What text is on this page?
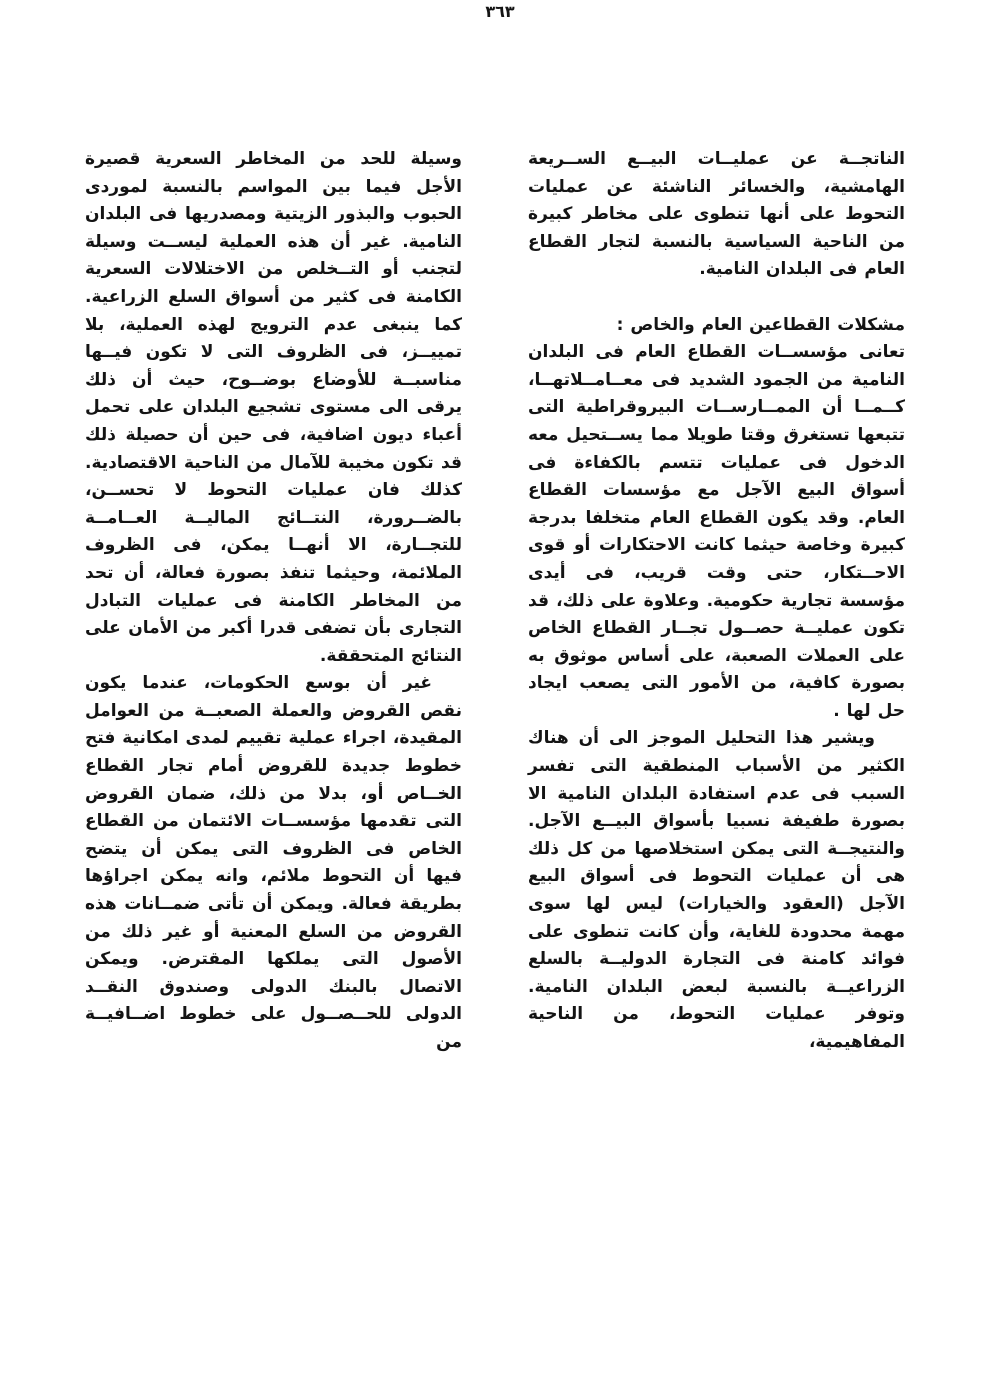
٣٦٣

الناتجــة عن عمليــات البيــع الســريعة الهامشية، والخسائر الناشئة عن عمليات التحوط على أنها تنطوى على مخاطر كبيرة من الناحية السياسية بالنسبة لتجار القطاع العام فى البلدان النامية.

مشكلات القطاعين العام والخاص :

تعانى مؤسســات القطاع العام فى البلدان النامية من الجمود الشديد فى معــامــلاتهــا، كــمــا أن الممــارســات البيروقراطية التى تتبعها تستغرق وقتا طويلا مما يســتحيل معه الدخول فى عمليات تتسم بالكفاءة فى أسواق البيع الآجل مع مؤسسات القطاع العام. وقد يكون القطاع العام متخلفا بدرجة كبيرة وخاصة حيثما كانت الاحتكارات أو قوى الاحــتكار، حتى وقت قريب، فى أيدى مؤسسة تجارية حكومية. وعلاوة على ذلك، قد تكون عمليــة حصــول تجــار القطاع الخاص على العملات الصعبة، على أساس موثوق به بصورة كافية، من الأمور التى يصعب ايجاد حل لها .

ويشير هذا التحليل الموجز الى أن هناك الكثير من الأسباب المنطقية التى تفسر السبب فى عدم استفادة البلدان النامية الا بصورة طفيفة نسبيا بأسواق البيــع الآجل. والنتيجــة التى يمكن استخلاصها من كل ذلك هى أن عمليات التحوط فى أسواق البيع الآجل (العقود والخيارات) ليس لها سوى مهمة محدودة للغاية، وأن كانت تنطوى على فوائد كامنة فى التجارة الدوليــة بالسلع الزراعيــة بالنسبة لبعض البلدان النامية. وتوفر عمليات التحوط، من الناحية المفاهيمية،

وسيلة للحد من المخاطر السعرية قصيرة الأجل فيما بين المواسم بالنسبة لموردى الحبوب والبذور الزيتية ومصدريها فى البلدان النامية. غير أن هذه العملية ليســت وسيلة لتجنب أو التــخلص من الاختلالات السعرية الكامنة فى كثير من أسواق السلع الزراعية. كما ينبغى عدم الترويج لهذه العملية، بلا تمييــز، فى الظروف التى لا تكون فيــها مناسبــة للأوضاع بوضــوح، حيث أن ذلك يرقى الى مستوى تشجيع البلدان على تحمل أعباء ديون اضافية، فى حين أن حصيلة ذلك قد تكون مخيبة للآمال من الناحية الاقتصادية. كذلك فان عمليات التحوط لا تحســن، بالضــرورة، النتــائج الماليــة العــامــة للتجــارة، الا أنهــا يمكن، فى الظروف الملائمة، وحيثما تنفذ بصورة فعالة، أن تحد من المخاطر الكامنة فى عمليات التبادل التجارى بأن تضفى قدرا أكبر من الأمان على النتائج المتحققة.

غير أن بوسع الحكومات، عندما يكون نقص القروض والعملة الصعبــة من العوامل المقيدة، اجراء عملية تقييم لمدى امكانية فتح خطوط جديدة للقروض أمام تجار القطاع الخــاص أو، بدلا من ذلك، ضمان القروض التى تقدمها مؤسســات الائتمان من القطاع الخاص فى الظروف التى يمكن أن يتضح فيها أن التحوط ملائم، وانه يمكن اجراؤها بطريقة فعالة. ويمكن أن تأتى ضمــانات هذه القروض من السلع المعنية أو غير ذلك من الأصول التى يملكها المقترض. ويمكن الاتصال بالبنك الدولى وصندوق النقــد الدولى للحــصــول على خطوط اضــافيــة من
